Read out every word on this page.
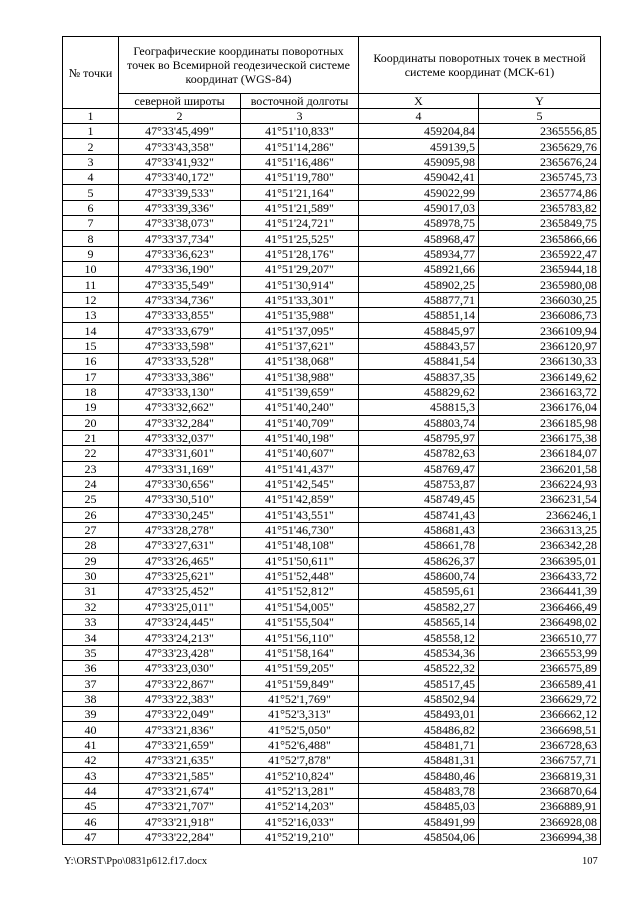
№ точки	Географические координаты поворотных точек во Всемирной геодезической системе координат (WGS-84)		Координаты поворотных точек в местной системе координат (МСК-61)	
	северной широты	восточной долготы	X	Y
1	2	3	4	5
1	47°33'45,499"	41°51'10,833"	459204,84	2365556,85
2	47°33'43,358"	41°51'14,286"	459139,5	2365629,76
3	47°33'41,932"	41°51'16,486"	459095,98	2365676,24
4	47°33'40,172"	41°51'19,780"	459042,41	2365745,73
5	47°33'39,533"	41°51'21,164"	459022,99	2365774,86
6	47°33'39,336"	41°51'21,589"	459017,03	2365783,82
7	47°33'38,073"	41°51'24,721"	458978,75	2365849,75
8	47°33'37,734"	41°51'25,525"	458968,47	2365866,66
9	47°33'36,623"	41°51'28,176"	458934,77	2365922,47
10	47°33'36,190"	41°51'29,207"	458921,66	2365944,18
11	47°33'35,549"	41°51'30,914"	458902,25	2365980,08
12	47°33'34,736"	41°51'33,301"	458877,71	2366030,25
13	47°33'33,855"	41°51'35,988"	458851,14	2366086,73
14	47°33'33,679"	41°51'37,095"	458845,97	2366109,94
15	47°33'33,598"	41°51'37,621"	458843,57	2366120,97
16	47°33'33,528"	41°51'38,068"	458841,54	2366130,33
17	47°33'33,386"	41°51'38,988"	458837,35	2366149,62
18	47°33'33,130"	41°51'39,659"	458829,62	2366163,72
19	47°33'32,662"	41°51'40,240"	458815,3	2366176,04
20	47°33'32,284"	41°51'40,709"	458803,74	2366185,98
21	47°33'32,037"	41°51'40,198"	458795,97	2366175,38
22	47°33'31,601"	41°51'40,607"	458782,63	2366184,07
23	47°33'31,169"	41°51'41,437"	458769,47	2366201,58
24	47°33'30,656"	41°51'42,545"	458753,87	2366224,93
25	47°33'30,510"	41°51'42,859"	458749,45	2366231,54
26	47°33'30,245"	41°51'43,551"	458741,43	2366246,1
27	47°33'28,278"	41°51'46,730"	458681,43	2366313,25
28	47°33'27,631"	41°51'48,108"	458661,78	2366342,28
29	47°33'26,465"	41°51'50,611"	458626,37	2366395,01
30	47°33'25,621"	41°51'52,448"	458600,74	2366433,72
31	47°33'25,452"	41°51'52,812"	458595,61	2366441,39
32	47°33'25,011"	41°51'54,005"	458582,27	2366466,49
33	47°33'24,445"	41°51'55,504"	458565,14	2366498,02
34	47°33'24,213"	41°51'56,110"	458558,12	2366510,77
35	47°33'23,428"	41°51'58,164"	458534,36	2366553,99
36	47°33'23,030"	41°51'59,205"	458522,32	2366575,89
37	47°33'22,867"	41°51'59,849"	458517,45	2366589,41
38	47°33'22,383"	41°52'1,769"	458502,94	2366629,72
39	47°33'22,049"	41°52'3,313"	458493,01	2366662,12
40	47°33'21,836"	41°52'5,050"	458486,82	2366698,51
41	47°33'21,659"	41°52'6,488"	458481,71	2366728,63
42	47°33'21,635"	41°52'7,878"	458481,31	2366757,71
43	47°33'21,585"	41°52'10,824"	458480,46	2366819,31
44	47°33'21,674"	41°52'13,281"	458483,78	2366870,64
45	47°33'21,707"	41°52'14,203"	458485,03	2366889,91
46	47°33'21,918"	41°52'16,033"	458491,99	2366928,08
47	47°33'22,284"	41°52'19,210"	458504,06	2366994,38
Y:\ORST\Ppo\0831p612.f17.docx	107
